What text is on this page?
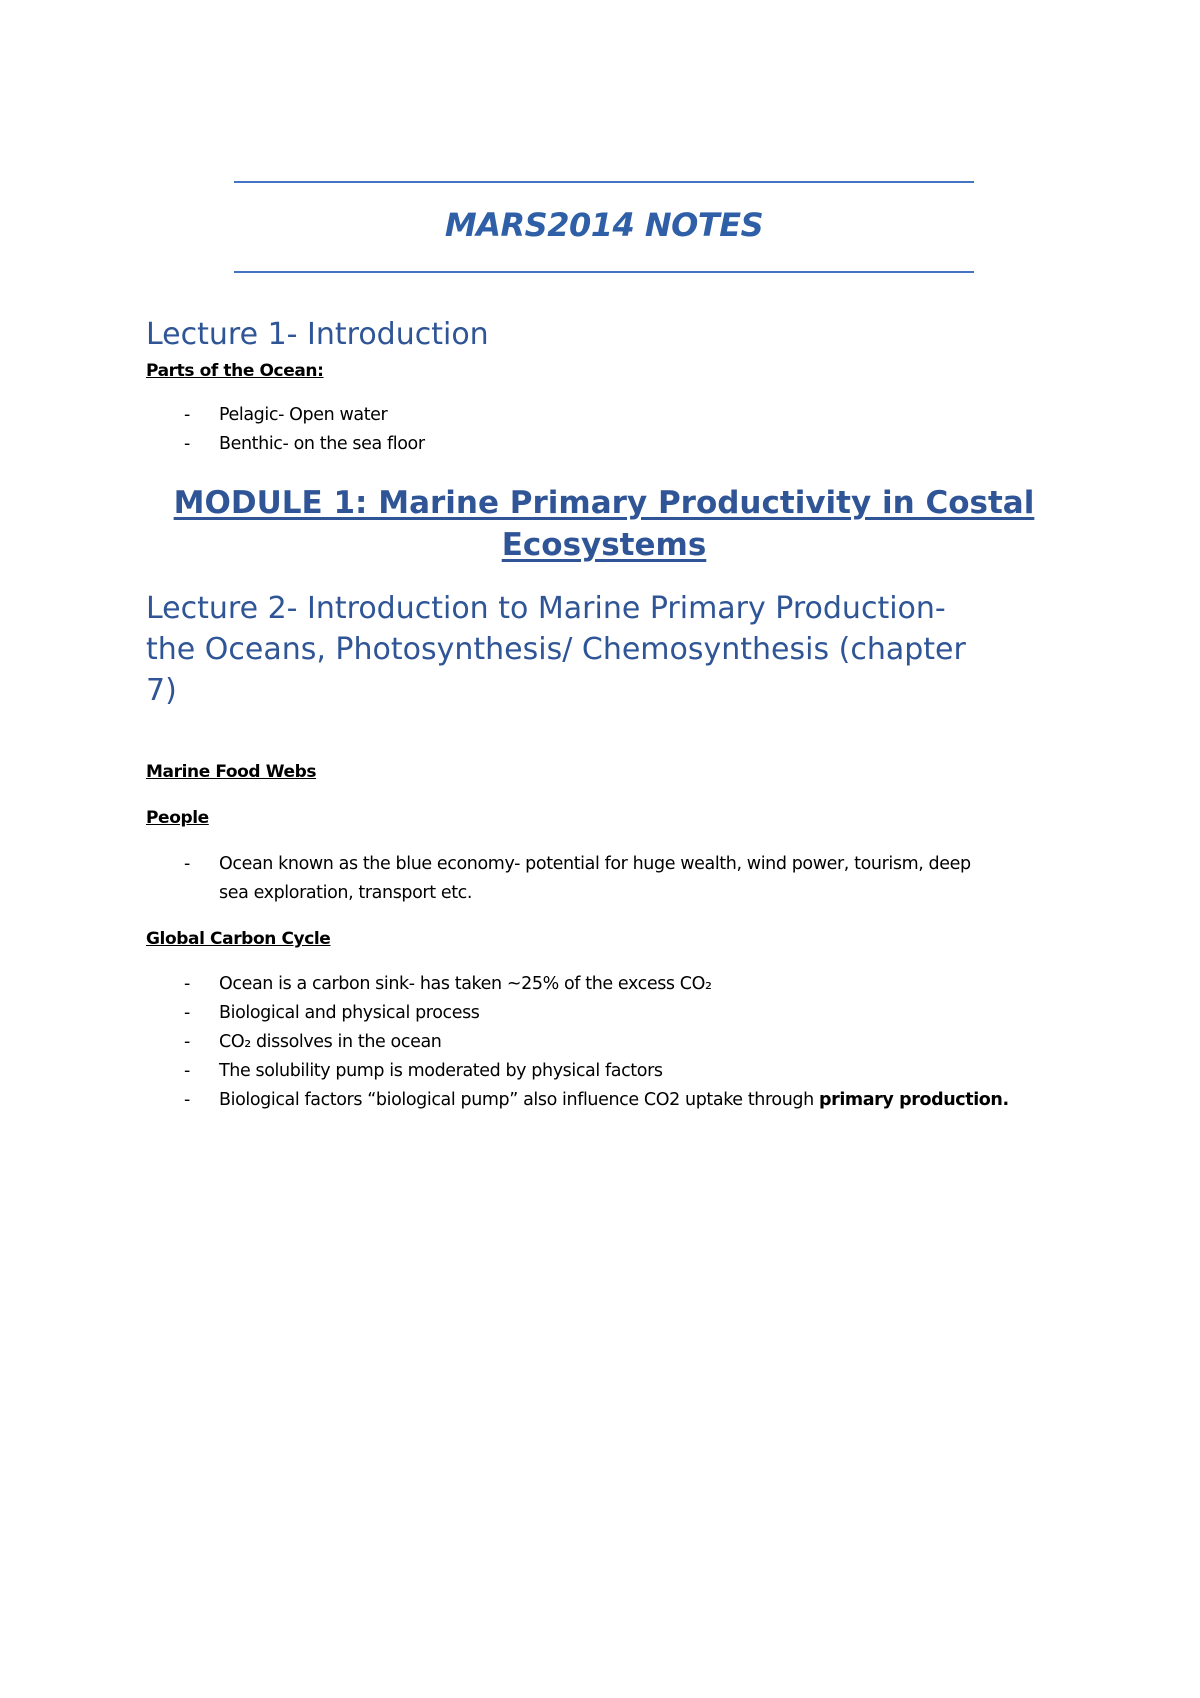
MARS2014 NOTES
Lecture 1- Introduction

Parts of the Ocean:

- Pelagic- Open water
- Benthic- on the sea floor
MODULE 1: Marine Primary Productivity in Costal
Ecosystems
Lecture 2- Introduction to Marine Primary Production-
the Oceans, Photosynthesis/ Chemosynthesis (chapter
7)

Marine Food Webs

People

- Ocean known as the blue economy- potential for huge wealth, wind power, tourism, deep
sea exploration, transport etc.

Global Carbon Cycle

- Ocean is a carbon sink- has taken ~25% of the excess CO₂
- Biological and physical process
- CO₂ dissolves in the ocean
- The solubility pump is moderated by physical factors
- Biological factors “biological pump” also influence CO2 uptake through primary production.
